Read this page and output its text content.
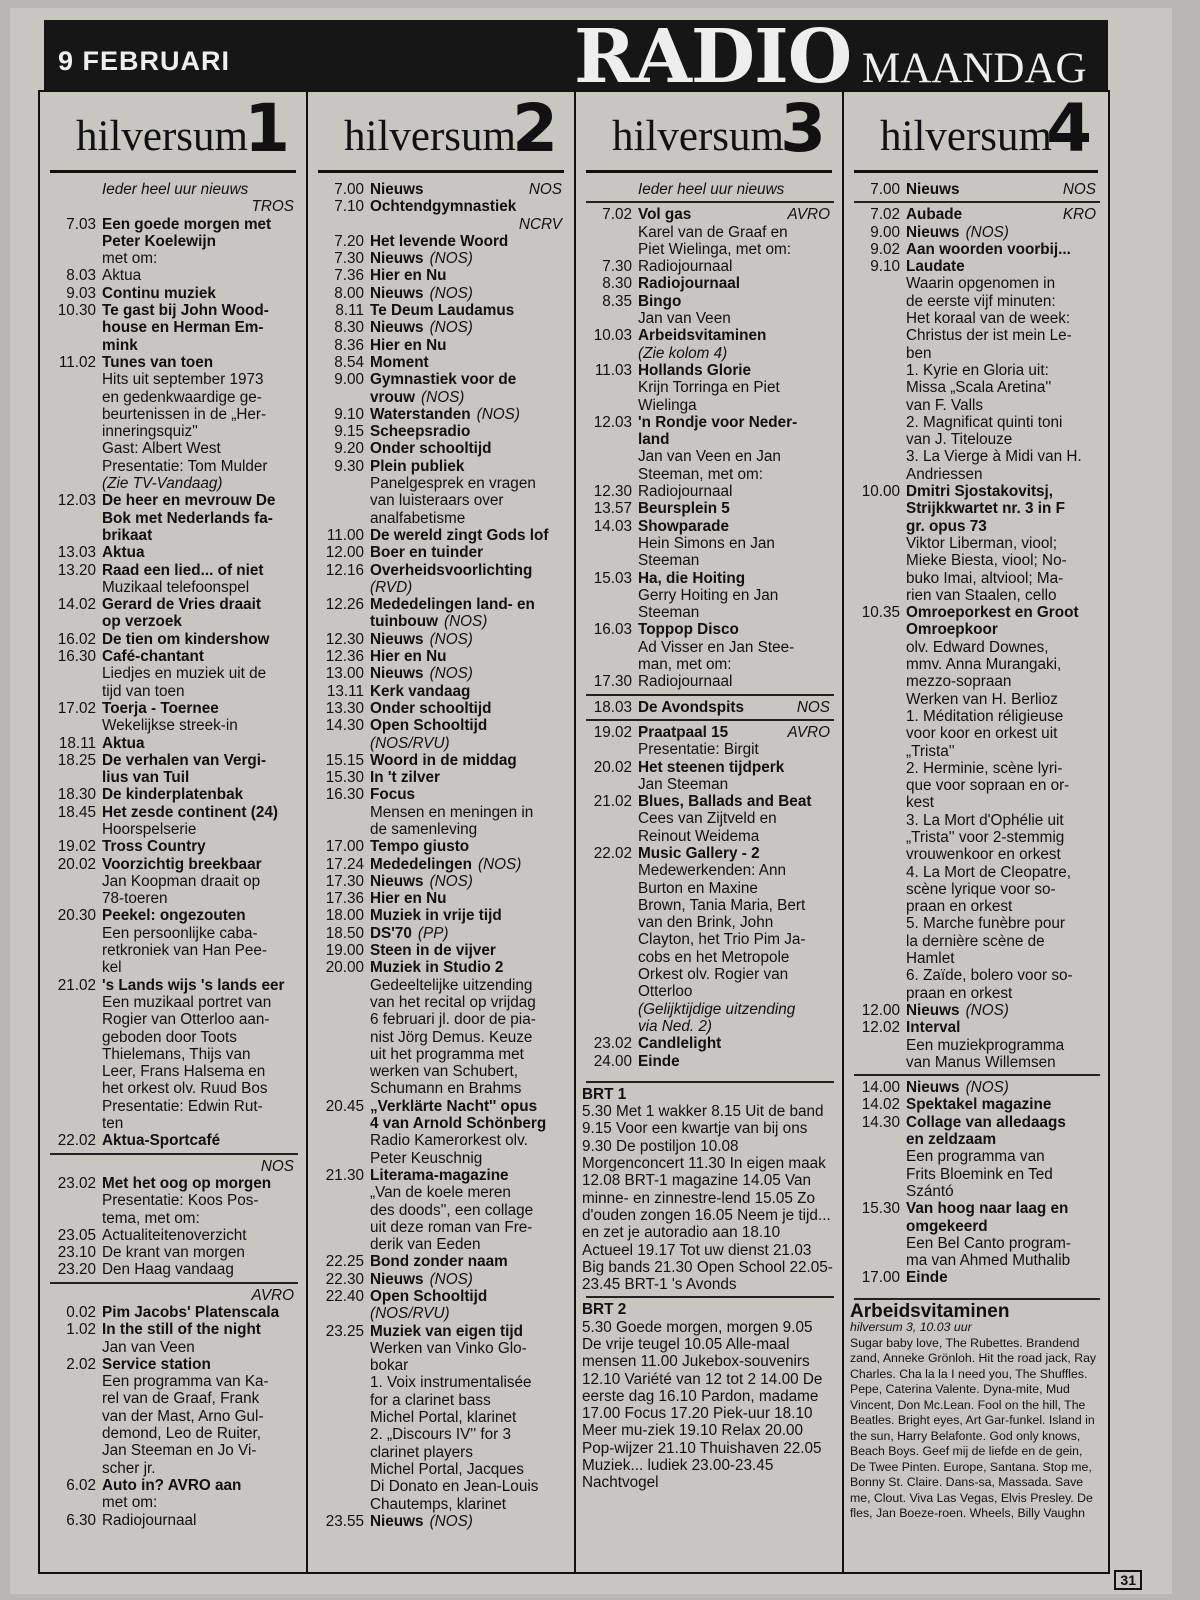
9 FEBRUARI	RADIO MAANDAG
hilversum
1
Ieder heel uur nieuws
TROS
7.03 Een goede morgen met
Peter Koelewijn
met om:
8.03 Aktua
9.03 Continu muziek
10.30 Te gast bij John Wood-
house en Herman Em-
mink
11.02 Tunes van toen
Hits uit september 1973
en gedenkwaardige ge-
beurtenissen in de „Her-
inneringsquiz''
Gast: Albert West
Presentatie: Tom Mulder
(Zie TV-Vandaag)
12.03 De heer en mevrouw De
Bok met Nederlands fa-
brikaat
13.03 Aktua
13.20 Raad een lied... of niet
Muzikaal telefoonspel
14.02 Gerard de Vries draait
op verzoek
16.02 De tien om kindershow
16.30 Café-chantant
Liedjes en muziek uit de
tijd van toen
17.02 Toerja - Toernee
Wekelijkse streek-in
18.11 Aktua
18.25 De verhalen van Vergi-
lius van Tuil
18.30 De kinderplatenbak
18.45 Het zesde continent (24)
Hoorspelserie
19.02 Tross Country
20.02 Voorzichtig breekbaar
Jan Koopman draait op
78-toeren
20.30 Peekel: ongezouten
Een persoonlijke caba-
retkroniek van Han Pee-
kel
21.02 's Lands wijs 's lands eer
Een muzikaal portret van
Rogier van Otterloo aan-
geboden door Toots
Thielemans, Thijs van
Leer, Frans Halsema en
het orkest olv. Ruud Bos
Presentatie: Edwin Rut-
ten
22.02 Aktua-Sportcafé
NOS
23.02 Met het oog op morgen
Presentatie: Koos Pos-
tema, met om:
23.05 Actualiteitenoverzicht
23.10 De krant van morgen
23.20 Den Haag vandaag
AVRO
0.02 Pim Jacobs' Platenscala
1.02 In the still of the night
Jan van Veen
2.02 Service station
Een programma van Ka-
rel van de Graaf, Frank
van der Mast, Arno Gul-
demond, Leo de Ruiter,
Jan Steeman en Jo Vi-
scher jr.
6.02 Auto in? AVRO aan
met om:
6.30 Radiojournaal
hilversum
2
7.00 Nieuws	NOS
7.10 Ochtendgymnastiek
NCRV
7.20 Het levende Woord
7.30 Nieuws (NOS)
7.36 Hier en Nu
8.00 Nieuws (NOS)
8.11 Te Deum Laudamus
8.30 Nieuws (NOS)
8.36 Hier en Nu
8.54 Moment
9.00 Gymnastiek voor de
vrouw (NOS)
9.10 Waterstanden (NOS)
9.15 Scheepsradio
9.20 Onder schooltijd
9.30 Plein publiek
Panelgesprek en vragen
van luisteraars over
analfabetisme
11.00 De wereld zingt Gods lof
12.00 Boer en tuinder
12.16 Overheidsvoorlichting
(RVD)
12.26 Mededelingen land- en
tuinbouw (NOS)
12.30 Nieuws (NOS)
12.36 Hier en Nu
13.00 Nieuws (NOS)
13.11 Kerk vandaag
13.30 Onder schooltijd
14.30 Open Schooltijd
(NOS/RVU)
15.15 Woord in de middag
15.30 In 't zilver
16.30 Focus
Mensen en meningen in
de samenleving
17.00 Tempo giusto
17.24 Mededelingen (NOS)
17.30 Nieuws (NOS)
17.36 Hier en Nu
18.00 Muziek in vrije tijd
18.50 DS'70 (PP)
19.00 Steen in de vijver
20.00 Muziek in Studio 2
Gedeeltelijke uitzending
van het recital op vrijdag
6 februari jl. door de pia-
nist Jörg Demus. Keuze
uit het programma met
werken van Schubert,
Schumann en Brahms
20.45 „Verklärte Nacht'' opus
4 van Arnold Schönberg
Radio Kamerorkest olv.
Peter Keuschnig
21.30 Literama-magazine
„Van de koele meren
des doods'', een collage
uit deze roman van Fre-
derik van Eeden
22.25 Bond zonder naam
22.30 Nieuws (NOS)
22.40 Open Schooltijd
(NOS/RVU)
23.25 Muziek van eigen tijd
Werken van Vinko Glo-
bokar
1. Voix instrumentalisée
for a clarinet bass
Michel Portal, klarinet
2. „Discours IV'' for 3
clarinet players
Michel Portal, Jacques
Di Donato en Jean-Louis
Chautemps, klarinet
23.55 Nieuws (NOS)
hilversum
3
Ieder heel uur nieuws
7.02 Vol gas	AVRO
Karel van de Graaf en
Piet Wielinga, met om:
7.30 Radiojournaal
8.30 Radiojournaal
8.35 Bingo
Jan van Veen
10.03 Arbeidsvitaminen
(Zie kolom 4)
11.03 Hollands Glorie
Krijn Torringa en Piet
Wielinga
12.03 'n Rondje voor Neder-
land
Jan van Veen en Jan
Steeman, met om:
12.30 Radiojournaal
13.57 Beursplein 5
14.03 Showparade
Hein Simons en Jan
Steeman
15.03 Ha, die Hoiting
Gerry Hoiting en Jan
Steeman
16.03 Toppop Disco
Ad Visser en Jan Stee-
man, met om:
17.30 Radiojournaal
18.03 De Avondspits	NOS
19.02 Praatpaal 15	AVRO
Presentatie: Birgit
20.02 Het steenen tijdperk
Jan Steeman
21.02 Blues, Ballads and Beat
Cees van Zijtveld en
Reinout Weidema
22.02 Music Gallery - 2
Medewerkenden: Ann
Burton en Maxine
Brown, Tania Maria, Bert
van den Brink, John
Clayton, het Trio Pim Ja-
cobs en het Metropole
Orkest olv. Rogier van
Otterloo
(Gelijktijdige uitzending
via Ned. 2)
23.02 Candlelight
24.00 Einde
BRT 1
5.30 Met 1 wakker 8.15 Uit de band 9.15 Voor een kwartje van bij ons 9.30 De postiljon 10.08 Morgenconcert 11.30 In eigen maak 12.08 BRT-1 magazine 14.05 Van minne- en zinnestre-lend 15.05 Zo d'ouden zongen 16.05 Neem je tijd... en zet je autoradio aan 18.10 Actueel 19.17 Tot uw dienst 21.03 Big bands 21.30 Open School 22.05-23.45 BRT-1 's Avonds
BRT 2
5.30 Goede morgen, morgen 9.05 De vrije teugel 10.05 Alle-maal mensen 11.00 Jukebox-souvenirs 12.10 Variété van 12 tot 2 14.00 De eerste dag 16.10 Pardon, madame 17.00 Focus 17.20 Piek-uur 18.10 Meer mu-ziek 19.10 Relax 20.00 Pop-wijzer 21.10 Thuishaven 22.05 Muziek... ludiek 23.00-23.45 Nachtvogel
hilversum
4
7.00 Nieuws	NOS
7.02 Aubade	KRO
9.00 Nieuws (NOS)
9.02 Aan woorden voorbij...
9.10 Laudate
Waarin opgenomen in
de eerste vijf minuten:
Het koraal van de week:
Christus der ist mein Le-
ben
1. Kyrie en Gloria uit:
Missa „Scala Aretina''
van F. Valls
2. Magnificat quinti toni
van J. Titelouze
3. La Vierge à Midi van H.
Andriessen
10.00 Dmitri Sjostakovitsj,
Strijkkwartet nr. 3 in F
gr. opus 73
Viktor Liberman, viool;
Mieke Biesta, viool; No-
buko Imai, altviool; Ma-
rien van Staalen, cello
10.35 Omroeporkest en Groot
Omroepkoor
olv. Edward Downes,
mmv. Anna Murangaki,
mezzo-sopraan
Werken van H. Berlioz
1. Méditation réligieuse
voor koor en orkest uit
„Trista''
2. Herminie, scène lyri-
que voor sopraan en or-
kest
3. La Mort d'Ophélie uit
„Trista'' voor 2-stemmig
vrouwenkoor en orkest
4. La Mort de Cleopatre,
scène lyrique voor so-
praan en orkest
5. Marche funèbre pour
la dernière scène de
Hamlet
6. Zaïde, bolero voor so-
praan en orkest
12.00 Nieuws (NOS)
12.02 Interval
Een muziekprogramma
van Manus Willemsen
14.00 Nieuws (NOS)
14.02 Spektakel magazine
14.30 Collage van alledaags
en zeldzaam
Een programma van
Frits Bloemink en Ted
Szántó
15.30 Van hoog naar laag en
omgekeerd
Een Bel Canto program-
ma van Ahmed Muthalib
17.00 Einde
Arbeidsvitaminen
hilversum 3, 10.03 uur
Sugar baby love, The Rubettes. Brandend zand, Anneke Grönloh. Hit the road jack, Ray Charles. Cha la la I need you, The Shuffles. Pepe, Caterina Valente. Dyna-mite, Mud Vincent, Don Mc.Lean. Fool on the hill, The Beatles. Bright eyes, Art Gar-funkel. Island in the sun, Harry Belafonte. God only knows, Beach Boys. Geef mij de liefde en de gein, De Twee Pinten. Europe, Santana. Stop me, Bonny St. Claire. Dans-sa, Massada. Save me, Clout. Viva Las Vegas, Elvis Presley. De fles, Jan Boeze-roen. Wheels, Billy Vaughn
31
